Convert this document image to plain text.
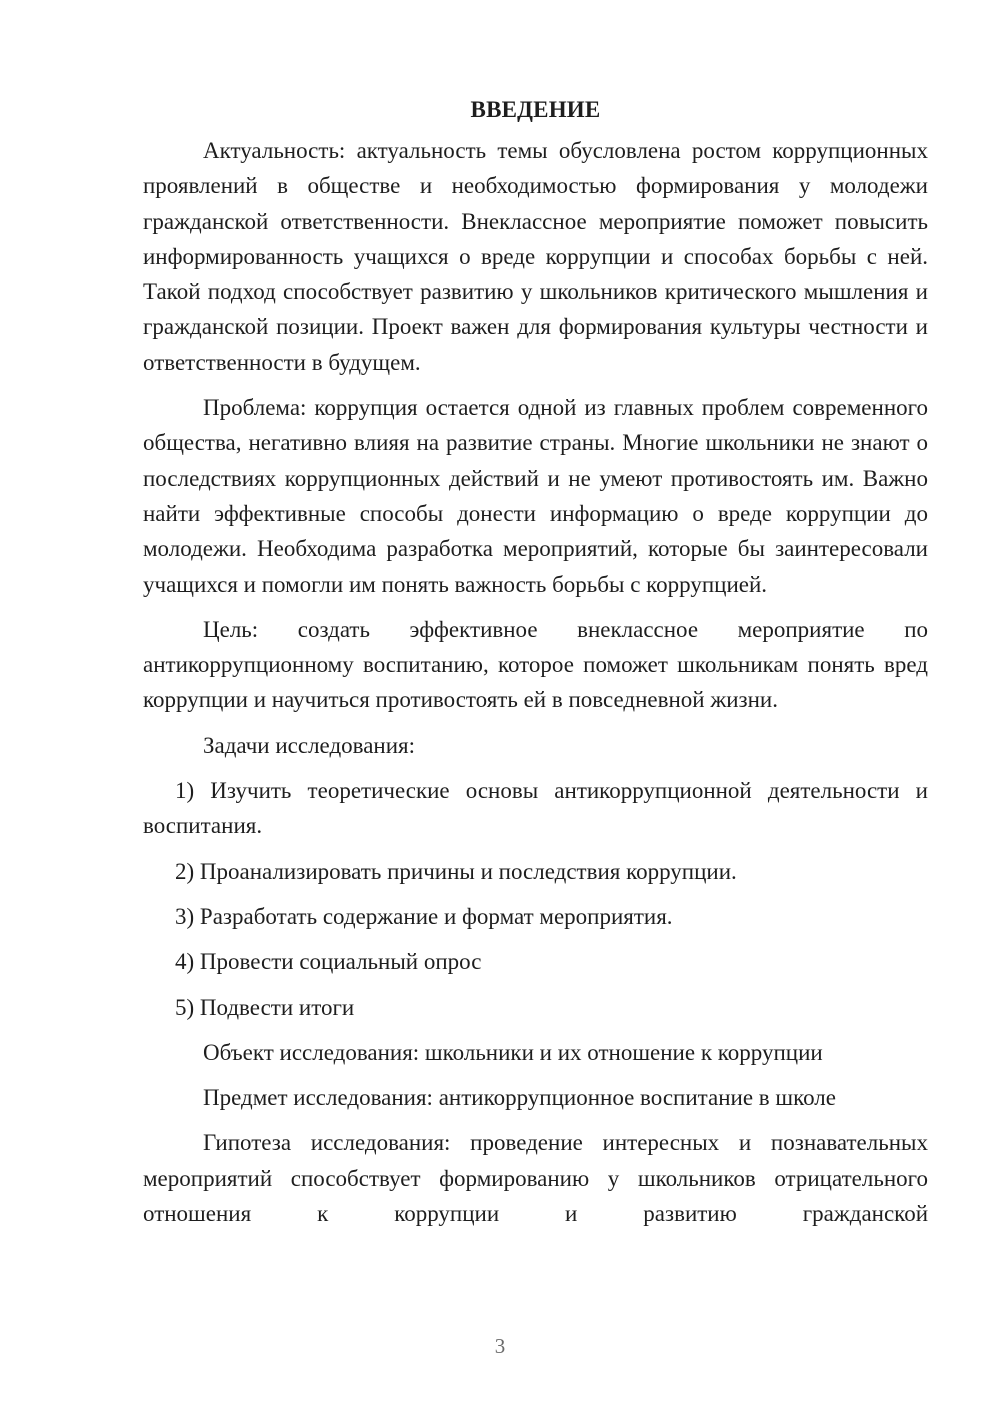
ВВЕДЕНИЕ

Актуальность: актуальность темы обусловлена ростом коррупционных проявлений в обществе и необходимостью формирования у молодежи гражданской ответственности. Внеклассное мероприятие поможет повысить информированность учащихся о вреде коррупции и способах борьбы с ней. Такой подход способствует развитию у школьников критического мышления и гражданской позиции. Проект важен для формирования культуры честности и ответственности в будущем.

Проблема: коррупция остается одной из главных проблем современного общества, негативно влияя на развитие страны. Многие школьники не знают о последствиях коррупционных действий и не умеют противостоять им. Важно найти эффективные способы донести информацию о вреде коррупции до молодежи. Необходима разработка мероприятий, которые бы заинтересовали учащихся и помогли им понять важность борьбы с коррупцией.

Цель: создать эффективное внеклассное мероприятие по антикоррупционному воспитанию, которое поможет школьникам понять вред коррупции и научиться противостоять ей в повседневной жизни.

Задачи исследования:

1) Изучить теоретические основы антикоррупционной деятельности и воспитания.

2) Проанализировать причины и последствия коррупции.

3) Разработать содержание и формат мероприятия.

4) Провести социальный опрос

5) Подвести итоги

Объект исследования: школьники и их отношение к коррупции

Предмет исследования: антикоррупционное воспитание в школе

Гипотеза исследования: проведение интересных и познавательных мероприятий способствует формированию у школьников отрицательного отношения к коррупции и развитию гражданской

3
